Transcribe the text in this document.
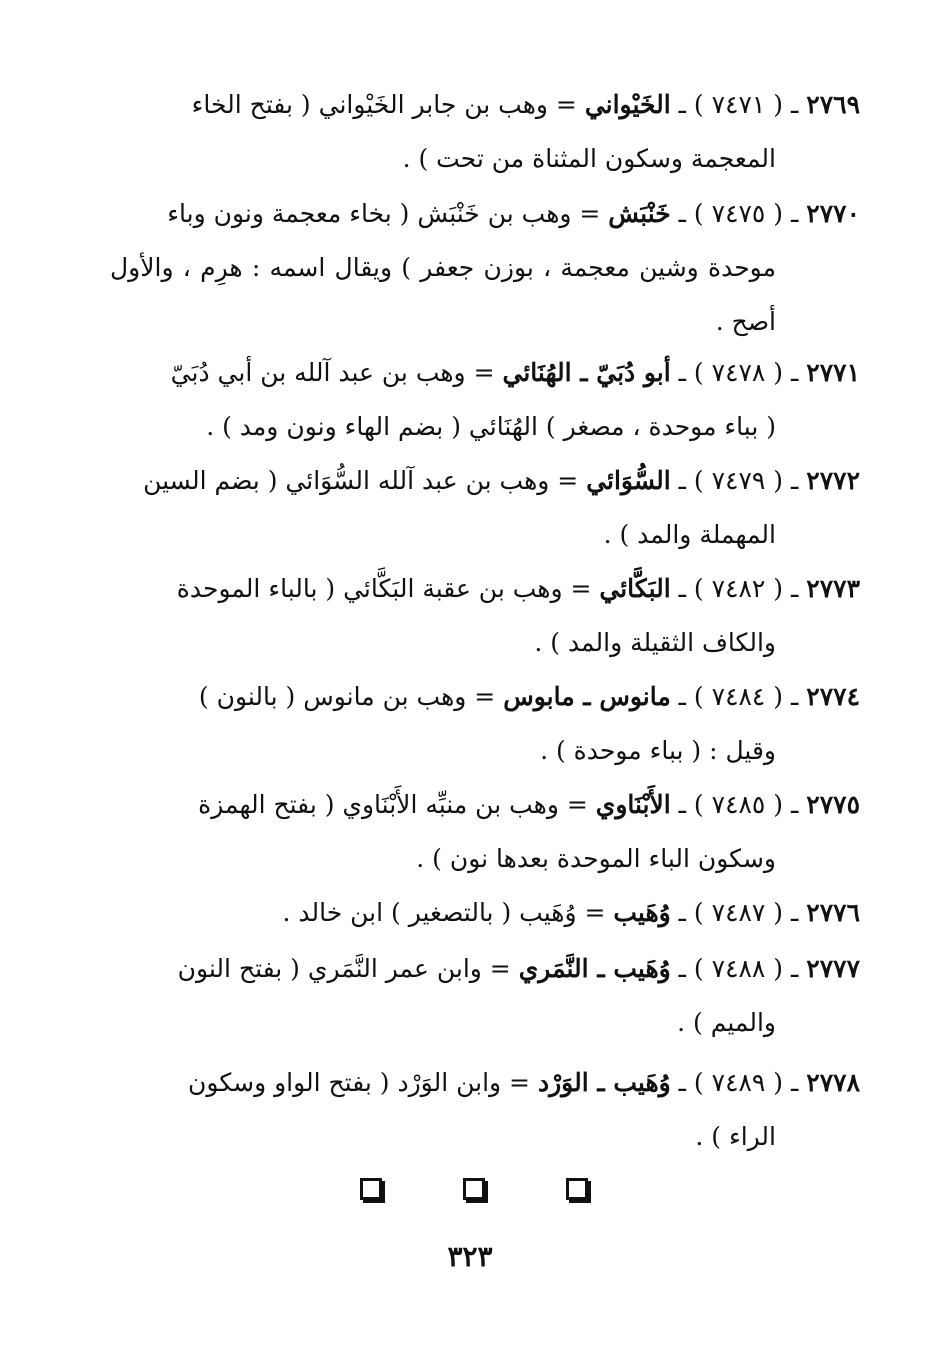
٢٧٦٩ ـ ( ٧٤٧١ ) ـ الخَيْواني = وهب بن جابر الخَيْواني ( بفتح الخاء
المعجمة وسكون المثناة من تحت ) .
٢٧٧٠ ـ ( ٧٤٧٥ ) ـ خَنْبَش = وهب بن خَنْبَش ( بخاء معجمة ونون وباء
موحدة وشين معجمة ، بوزن جعفر ) ويقال اسمه : هرِم ، والأول أصح .
٢٧٧١ ـ ( ٧٤٧٨ ) ـ أبو دُبَيّ ـ الهُنَائي = وهب بن عبد آلله بن أبي دُبَيّ
( بباء موحدة ، مصغر ) الهُنَائي ( بضم الهاء ونون ومد ) .
٢٧٧٢ ـ ( ٧٤٧٩ ) ـ السُّوَائي = وهب بن عبد آلله السُّوَائي ( بضم السين
المهملة والمد ) .
٢٧٧٣ ـ ( ٧٤٨٢ ) ـ البَكَّائي = وهب بن عقبة البَكَّائي ( بالباء الموحدة
والكاف الثقيلة والمد ) .
٢٧٧٤ ـ ( ٧٤٨٤ ) ـ مانوس ـ مابوس = وهب بن مانوس ( بالنون )
وقيل : ( بباء موحدة ) .
٢٧٧٥ ـ ( ٧٤٨٥ ) ـ الأَبْنَاوي = وهب بن منبِّه الأَبْنَاوي ( بفتح الهمزة
وسكون الباء الموحدة بعدها نون ) .
٢٧٧٦ ـ ( ٧٤٨٧ ) ـ وُهَيب = وُهَيب ( بالتصغير ) ابن خالد .
٢٧٧٧ ـ ( ٧٤٨٨ ) ـ وُهَيب ـ النَّمَري = وابن عمر النَّمَري ( بفتح النون
والميم ) .
٢٧٧٨ ـ ( ٧٤٨٩ ) ـ وُهَيب ـ الوَرْد = وابن الوَرْد ( بفتح الواو وسكون
الراء ) .
٣٢٣
